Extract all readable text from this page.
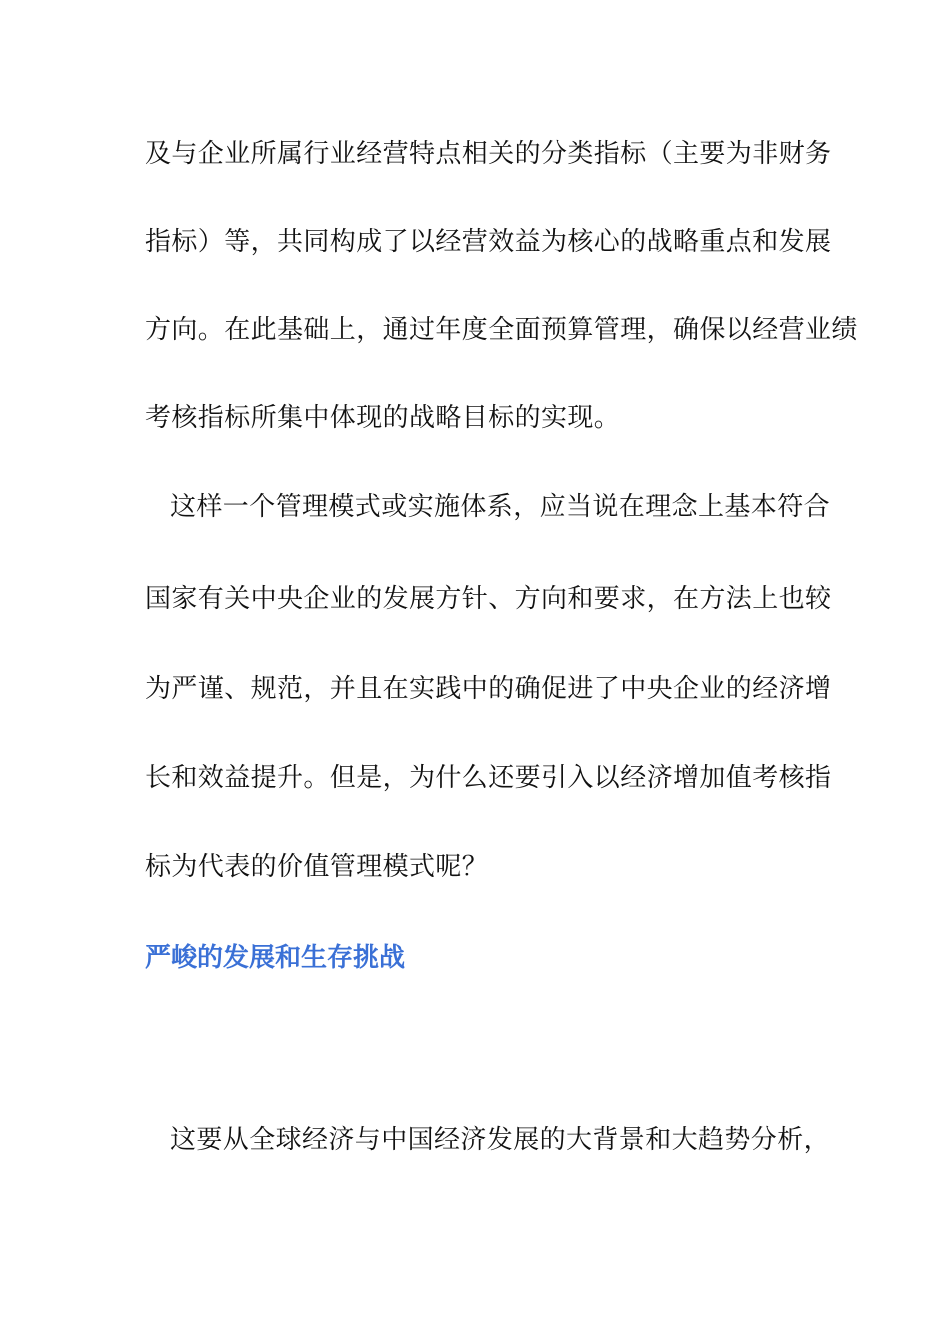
及与企业所属行业经营特点相关的分类指标（主要为非财务
指标）等，共同构成了以经营效益为核心的战略重点和发展
方向。在此基础上，通过年度全面预算管理，确保以经营业绩
考核指标所集中体现的战略目标的实现。
这样一个管理模式或实施体系，应当说在理念上基本符合
国家有关中央企业的发展方针、方向和要求，在方法上也较
为严谨、规范，并且在实践中的确促进了中央企业的经济增
长和效益提升。但是，为什么还要引入以经济增加值考核指
标为代表的价值管理模式呢？
严峻的发展和生存挑战
这要从全球经济与中国经济发展的大背景和大趋势分析，
